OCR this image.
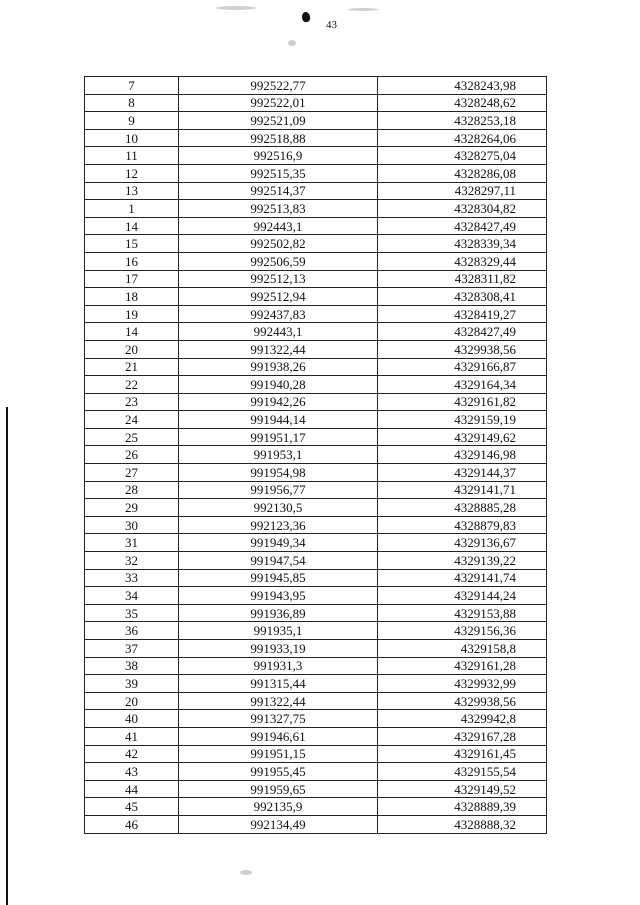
43
7	992522,77	4328243,98
8	992522,01	4328248,62
9	992521,09	4328253,18
10	992518,88	4328264,06
11	992516,9	4328275,04
12	992515,35	4328286,08
13	992514,37	4328297,11
1	992513,83	4328304,82
14	992443,1	4328427,49
15	992502,82	4328339,34
16	992506,59	4328329,44
17	992512,13	4328311,82
18	992512,94	4328308,41
19	992437,83	4328419,27
14	992443,1	4328427,49
20	991322,44	4329938,56
21	991938,26	4329166,87
22	991940,28	4329164,34
23	991942,26	4329161,82
24	991944,14	4329159,19
25	991951,17	4329149,62
26	991953,1	4329146,98
27	991954,98	4329144,37
28	991956,77	4329141,71
29	992130,5	4328885,28
30	992123,36	4328879,83
31	991949,34	4329136,67
32	991947,54	4329139,22
33	991945,85	4329141,74
34	991943,95	4329144,24
35	991936,89	4329153,88
36	991935,1	4329156,36
37	991933,19	4329158,8
38	991931,3	4329161,28
39	991315,44	4329932,99
20	991322,44	4329938,56
40	991327,75	4329942,8
41	991946,61	4329167,28
42	991951,15	4329161,45
43	991955,45	4329155,54
44	991959,65	4329149,52
45	992135,9	4328889,39
46	992134,49	4328888,32
